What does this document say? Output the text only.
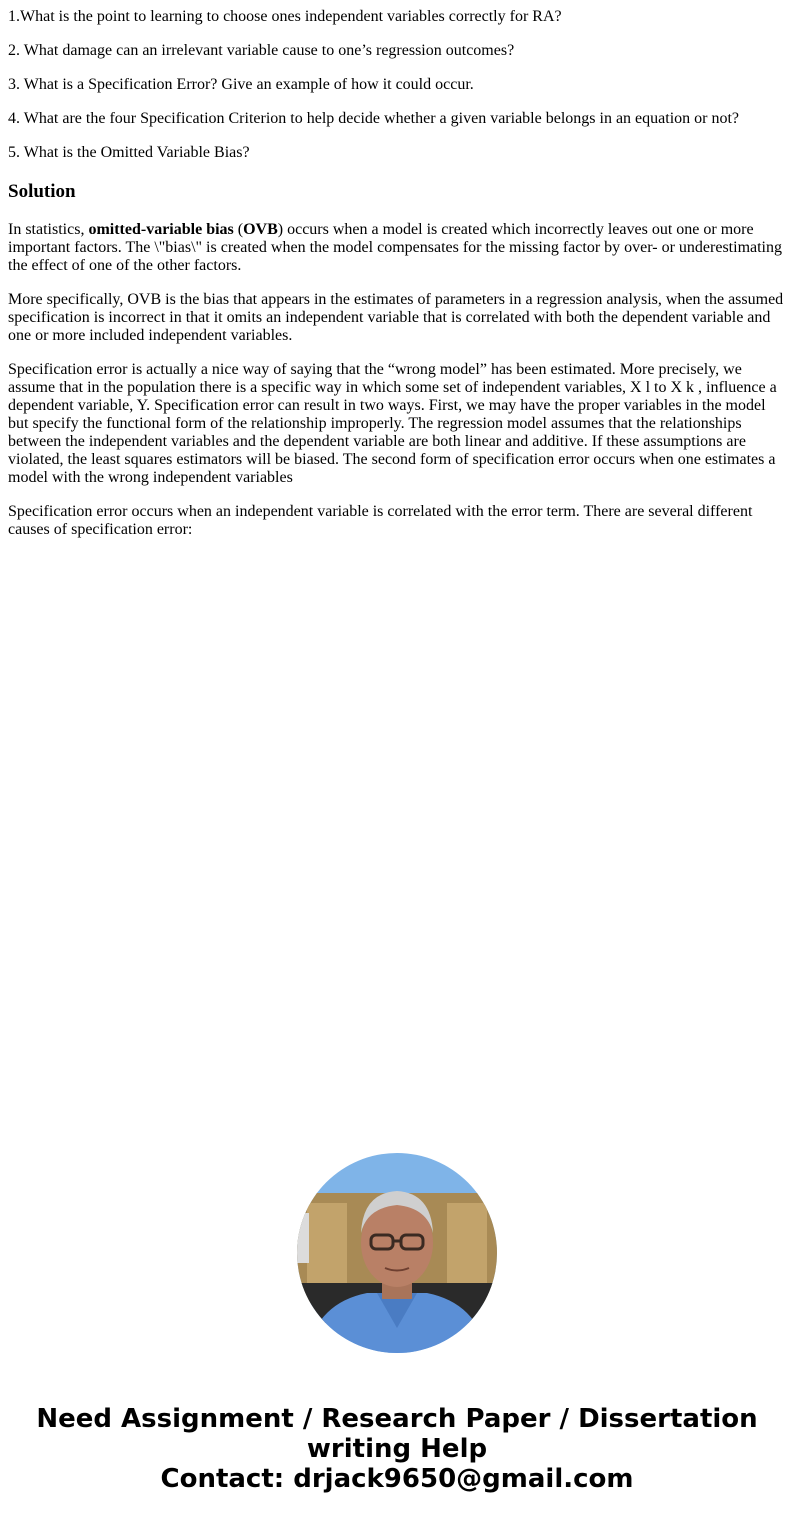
1.What is the point to learning to choose ones independent variables correctly for RA?

2. What damage can an irrelevant variable cause to one’s regression outcomes?

3. What is a Specification Error? Give an example of how it could occur.

4. What are the four Specification Criterion to help decide whether a given variable belongs in an equation or not?

5. What is the Omitted Variable Bias?

Solution

In statistics, omitted-variable bias (OVB) occurs when a model is created which incorrectly leaves out one or more important factors. The \"bias\" is created when the model compensates for the missing factor by over- or underestimating the effect of one of the other factors.

More specifically, OVB is the bias that appears in the estimates of parameters in a regression analysis, when the assumed specification is incorrect in that it omits an independent variable that is correlated with both the dependent variable and one or more included independent variables.

Specification error is actually a nice way of saying that the “wrong model” has been estimated. More precisely, we assume that in the population there is a specific way in which some set of independent variables, X l to X k , influence a dependent variable, Y. Specification error can result in two ways. First, we may have the proper variables in the model but specify the functional form of the relationship improperly. The regression model assumes that the relationships between the independent variables and the dependent variable are both linear and additive. If these assumptions are violated, the least squares estimators will be biased. The second form of specification error occurs when one estimates a model with the wrong independent variables

Specification error occurs when an independent variable is correlated with the error term. There are several different causes of specification error:

Need Assignment / Research Paper / Dissertation
writing Help
Contact: drjack9650@gmail.com
